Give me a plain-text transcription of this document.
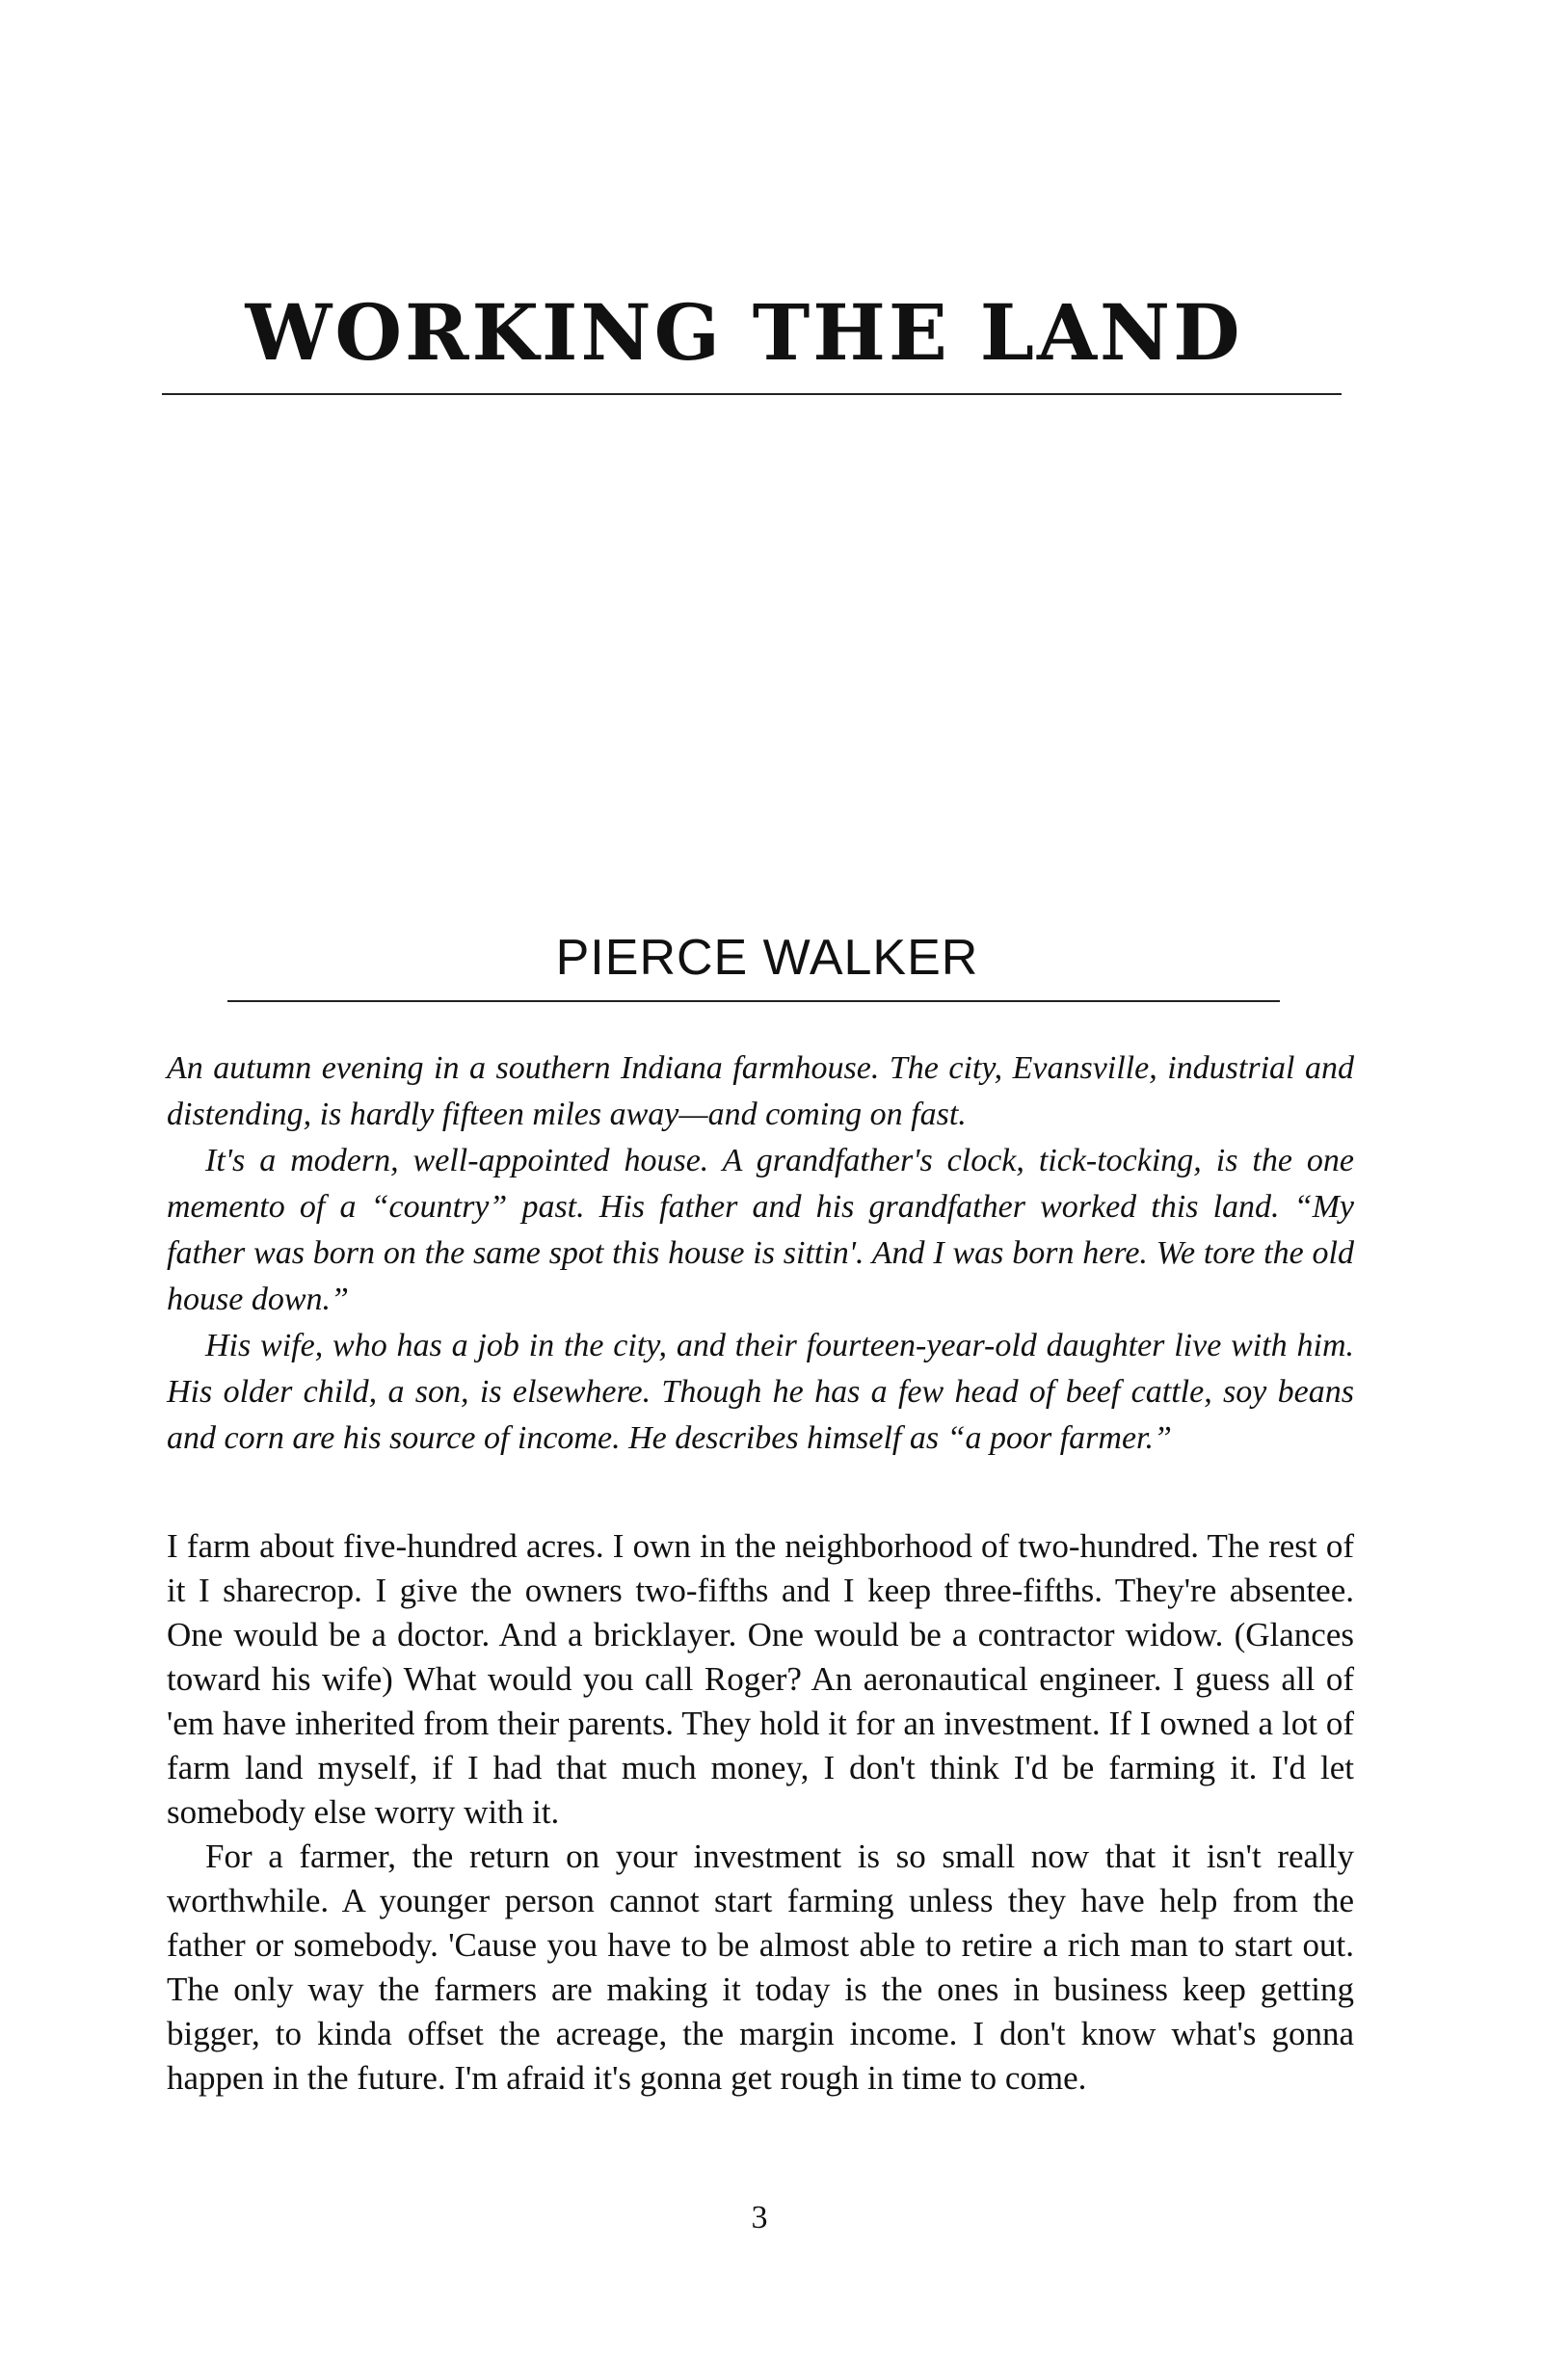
WORKING THE LAND
PIERCE WALKER

An autumn evening in a southern Indiana farmhouse. The city, Evansville, industrial and distending, is hardly fifteen miles away—and coming on fast.

It's a modern, well-appointed house. A grandfather's clock, tick-tocking, is the one memento of a “country” past. His father and his grandfather worked this land. “My father was born on the same spot this house is sittin'. And I was born here. We tore the old house down.”

His wife, who has a job in the city, and their fourteen-year-old daughter live with him. His older child, a son, is elsewhere. Though he has a few head of beef cattle, soy beans and corn are his source of income. He describes himself as “a poor farmer.”

I farm about five-hundred acres. I own in the neighborhood of two-hundred. The rest of it I sharecrop. I give the owners two-fifths and I keep three-fifths. They're absentee. One would be a doctor. And a bricklayer. One would be a contractor widow. (Glances toward his wife) What would you call Roger? An aeronautical engineer. I guess all of 'em have inherited from their parents. They hold it for an investment. If I owned a lot of farm land myself, if I had that much money, I don't think I'd be farming it. I'd let somebody else worry with it.

For a farmer, the return on your investment is so small now that it isn't really worthwhile. A younger person cannot start farming unless they have help from the father or somebody. 'Cause you have to be almost able to retire a rich man to start out. The only way the farmers are making it today is the ones in business keep getting bigger, to kinda offset the acreage, the margin income. I don't know what's gonna happen in the future. I'm afraid it's gonna get rough in time to come.

3
